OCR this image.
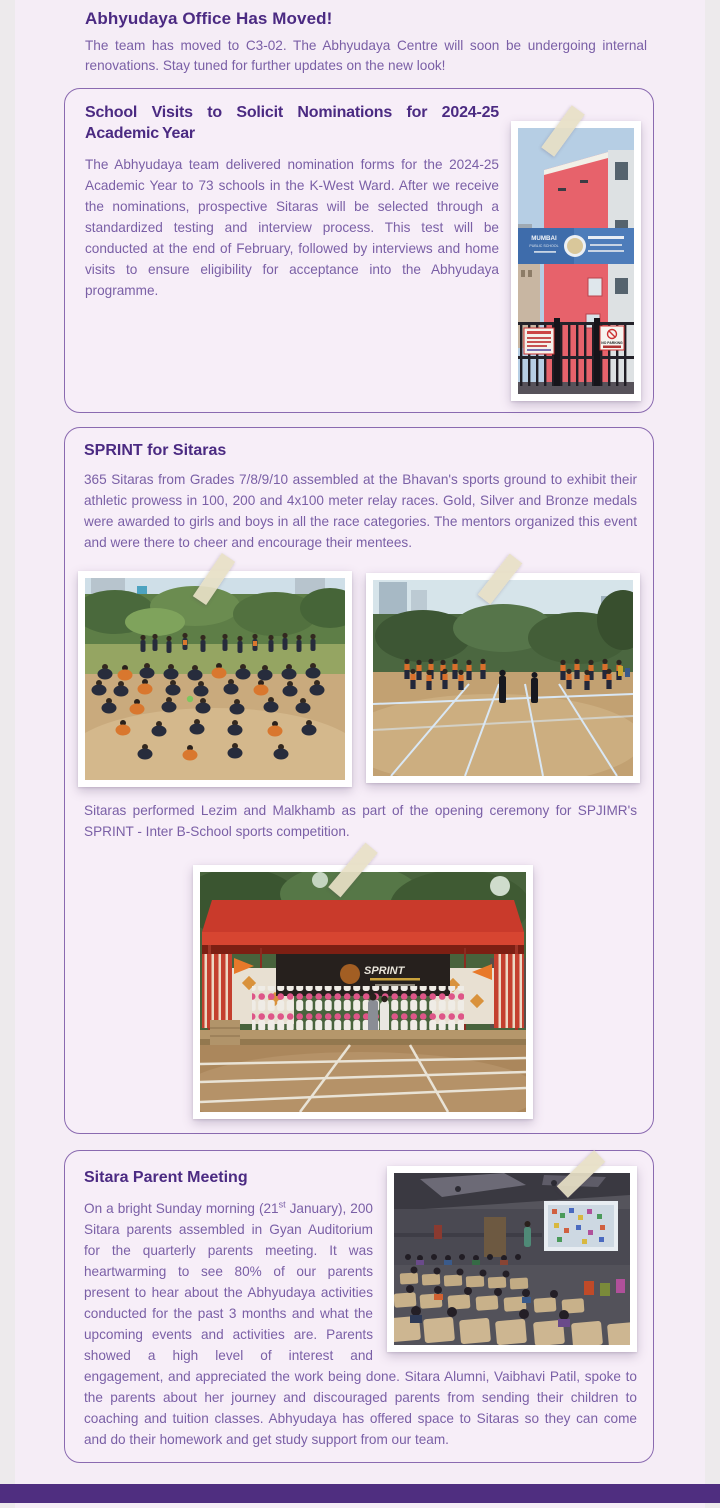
Abhyudaya Office Has Moved!

The team has moved to C3-02. The Abhyudaya Centre will soon be undergoing internal renovations. Stay tuned for further updates on the new look!

School Visits to Solicit Nominations for 2024-25 Academic Year

The Abhyudaya team delivered nomination forms for the 2024-25 Academic Year to 73 schools in the K-West Ward. After we receive the nominations, prospective Sitaras will be selected through a standardized testing and interview process. This test will be conducted at the end of February, followed by interviews and home visits to ensure eligibility for acceptance into the Abhyudaya programme.

MUMBAI
PUBLIC SCHOOL
NO PARKING
SPRINT for Sitaras

365 Sitaras from Grades 7/8/9/10 assembled at the Bhavan's sports ground to exhibit their athletic prowess in 100, 200 and 4x100 meter relay races. Gold, Silver and Bronze medals were awarded to girls and boys in all the race categories. The mentors organized this event and were there to cheer and encourage their mentees.

Sitaras performed Lezim and Malkhamb as part of the opening ceremony for SPJIMR's SPRINT - Inter B-School sports competition.

SPRINT
Sitara Parent Meeting

On a bright Sunday morning (21st January), 200 Sitara parents assembled in Gyan Auditorium for the quarterly parents meeting. It was heartwarming to see 80% of our parents present to hear about the Abhyudaya activities conducted for the past 3 months and what the upcoming events and activities are. Parents showed a high level of interest and engagement, and appreciated the work being done. Sitara Alumni, Vaibhavi Patil, spoke to the parents about her journey and discouraged parents from sending their children to coaching and tuition classes. Abhyudaya has offered space to Sitaras so they can come and do their homework and get study support from our team.
